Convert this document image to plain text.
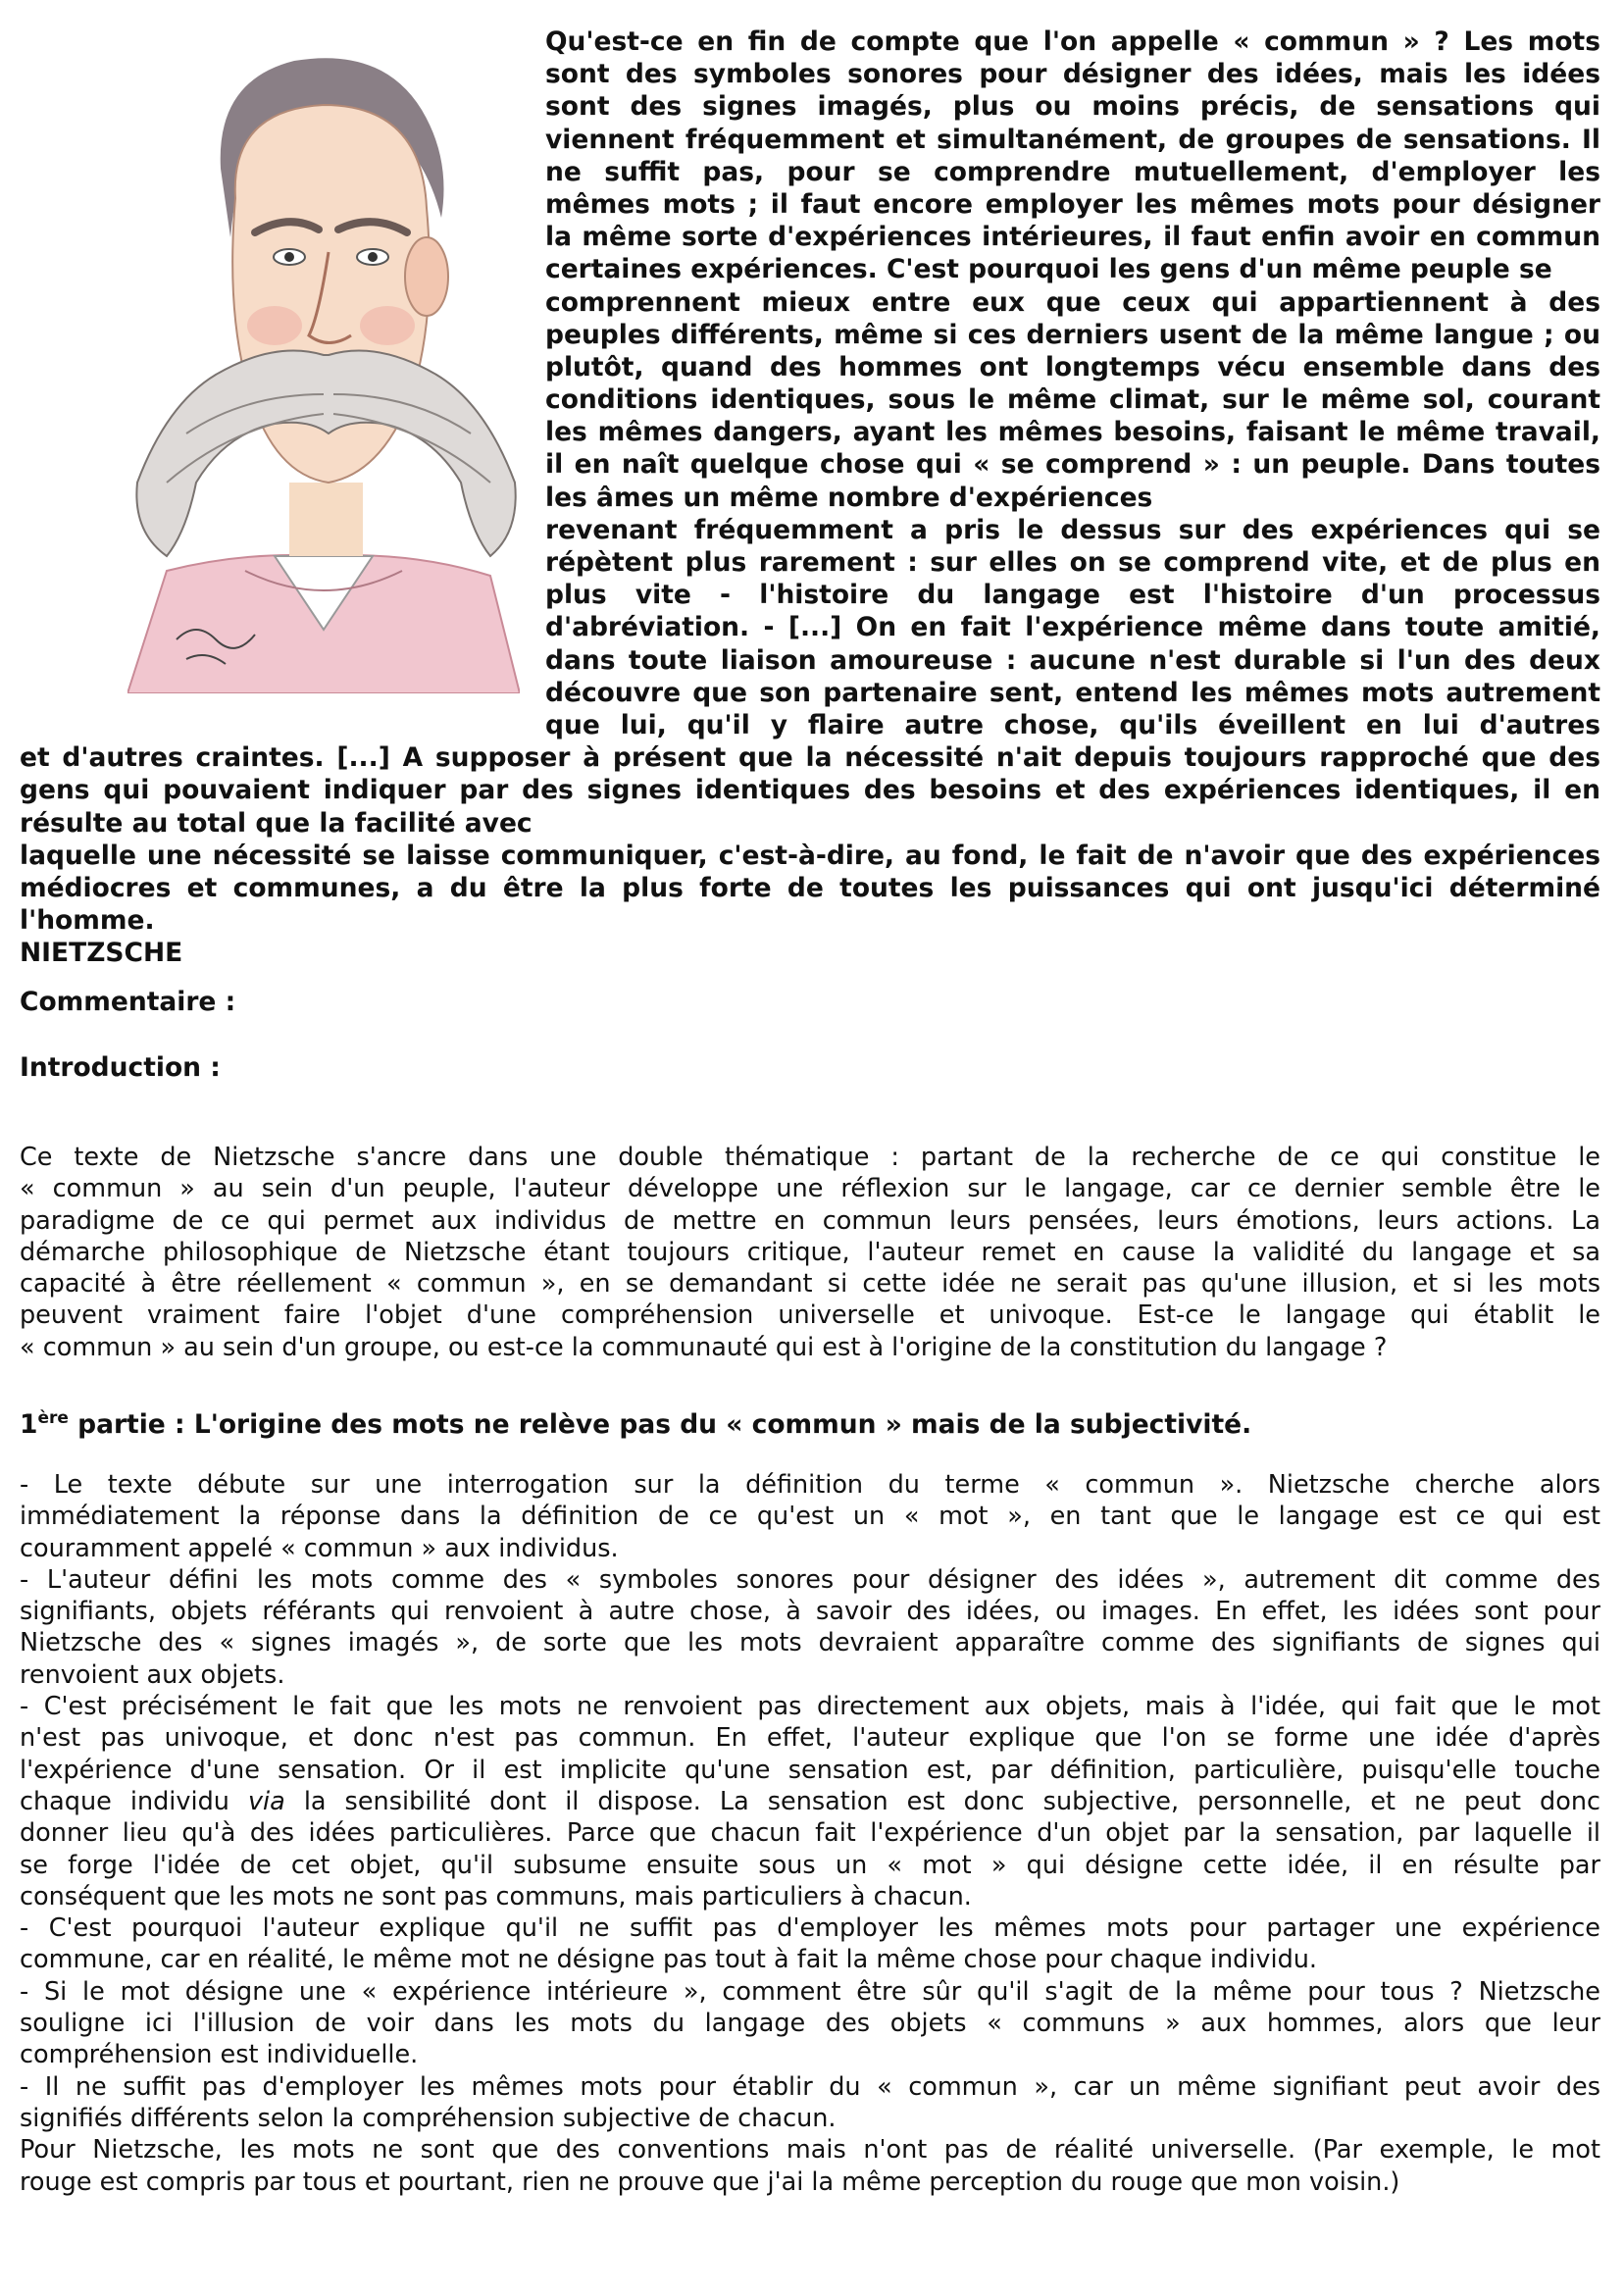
Qu'est-ce en fin de compte que l'on appelle « commun » ? Les mots
sont des symboles sonores pour désigner des idées, mais les idées
sont des signes imagés, plus ou moins précis, de sensations qui
viennent fréquemment et simultanément, de groupes de sensations. Il
ne suffit pas, pour se comprendre mutuellement, d'employer les
mêmes mots ; il faut encore employer les mêmes mots pour désigner
la même sorte d'expériences intérieures, il faut enfin avoir en commun
certaines expériences. C'est pourquoi les gens d'un même peuple se
comprennent mieux entre eux que ceux qui appartiennent à des
peuples différents, même si ces derniers usent de la même langue ; ou
plutôt, quand des hommes ont longtemps vécu ensemble dans des
conditions identiques, sous le même climat, sur le même sol, courant
les mêmes dangers, ayant les mêmes besoins, faisant le même travail,
il en naît quelque chose qui « se comprend » : un peuple. Dans toutes
les âmes un même nombre d'expériences
revenant fréquemment a pris le dessus sur des expériences qui se
répètent plus rarement : sur elles on se comprend vite, et de plus en
plus vite - l'histoire du langage est l'histoire d'un processus
d'abréviation. - [...] On en fait l'expérience même dans toute amitié,
dans toute liaison amoureuse : aucune n'est durable si l'un des deux
découvre que son partenaire sent, entend les mêmes mots autrement
que lui, qu'il y flaire autre chose, qu'ils éveillent en lui d'autres
et d'autres craintes. [...] A supposer à présent que la nécessité n'ait depuis toujours rapproché que des
gens qui pouvaient indiquer par des signes identiques des besoins et des expériences identiques, il en
résulte au total que la facilité avec
laquelle une nécessité se laisse communiquer, c'est-à-dire, au fond, le fait de n'avoir que des expériences
médiocres et communes, a du être la plus forte de toutes les puissances qui ont jusqu'ici déterminé
l'homme.
NIETZSCHE
Commentaire :
Introduction :
Ce texte de Nietzsche s'ancre dans une double thématique : partant de la recherche de ce qui constitue le
« commun » au sein d'un peuple, l'auteur développe une réflexion sur le langage, car ce dernier semble être le
paradigme de ce qui permet aux individus de mettre en commun leurs pensées, leurs émotions, leurs actions. La
démarche philosophique de Nietzsche étant toujours critique, l'auteur remet en cause la validité du langage et sa
capacité à être réellement « commun », en se demandant si cette idée ne serait pas qu'une illusion, et si les mots
peuvent vraiment faire l'objet d'une compréhension universelle et univoque. Est-ce le langage qui établit le
« commun » au sein d'un groupe, ou est-ce la communauté qui est à l'origine de la constitution du langage ?
1ère partie : L'origine des mots ne relève pas du « commun » mais de la subjectivité.
- Le texte débute sur une interrogation sur la définition du terme « commun ». Nietzsche cherche alors
immédiatement la réponse dans la définition de ce qu'est un « mot », en tant que le langage est ce qui est
couramment appelé « commun » aux individus.
- L'auteur défini les mots comme des « symboles sonores pour désigner des idées », autrement dit comme des
signifiants, objets référants qui renvoient à autre chose, à savoir des idées, ou images. En effet, les idées sont pour
Nietzsche des « signes imagés », de sorte que les mots devraient apparaître comme des signifiants de signes qui
renvoient aux objets.
- C'est précisément le fait que les mots ne renvoient pas directement aux objets, mais à l'idée, qui fait que le mot
n'est pas univoque, et donc n'est pas commun. En effet, l'auteur explique que l'on se forme une idée d'après
l'expérience d'une sensation. Or il est implicite qu'une sensation est, par définition, particulière, puisqu'elle touche
chaque individu via la sensibilité dont il dispose. La sensation est donc subjective, personnelle, et ne peut donc
donner lieu qu'à des idées particulières. Parce que chacun fait l'expérience d'un objet par la sensation, par laquelle il
se forge l'idée de cet objet, qu'il subsume ensuite sous un « mot » qui désigne cette idée, il en résulte par
conséquent que les mots ne sont pas communs, mais particuliers à chacun.
- C'est pourquoi l'auteur explique qu'il ne suffit pas d'employer les mêmes mots pour partager une expérience
commune, car en réalité, le même mot ne désigne pas tout à fait la même chose pour chaque individu.
- Si le mot désigne une « expérience intérieure », comment être sûr qu'il s'agit de la même pour tous ? Nietzsche
souligne ici l'illusion de voir dans les mots du langage des objets « communs » aux hommes, alors que leur
compréhension est individuelle.
- Il ne suffit pas d'employer les mêmes mots pour établir du « commun », car un même signifiant peut avoir des
signifiés différents selon la compréhension subjective de chacun.
Pour Nietzsche, les mots ne sont que des conventions mais n'ont pas de réalité universelle. (Par exemple, le mot
rouge est compris par tous et pourtant, rien ne prouve que j'ai la même perception du rouge que mon voisin.)
